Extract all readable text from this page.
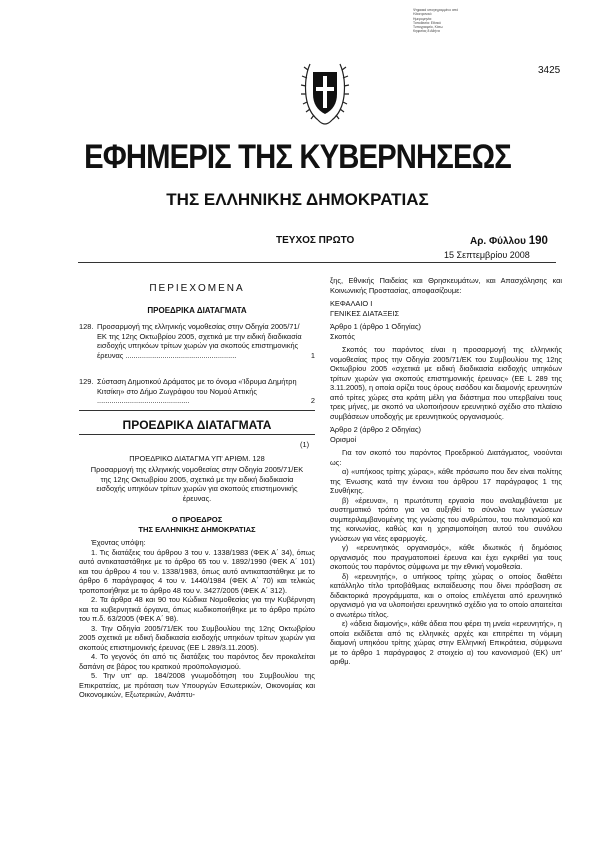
Ψηφιακά υπογεγραμμένο από
Ηλεκτρονικό
Ημερομηνία:
Τοποθεσία: Εθνικό
Τυπογραφείο, Κάτω
Κηφισίας 8 Αθήνα
3425
ΕΦΗΜΕΡΙΣ ΤΗΣ ΚΥΒΕΡΝΗΣΕΩΣ
ΤΗΣ ΕΛΛΗΝΙΚΗΣ ΔΗΜΟΚΡΑΤΙΑΣ
ΤΕΥΧΟΣ ΠΡΩΤΟ	Αρ. Φύλλου 190
15 Σεπτεμβρίου 2008
ΠΕΡΙΕΧΟΜΕΝΑ
ΠΡΟΕΔΡΙΚΑ ΔΙΑΤΑΓΜΑΤΑ
128. Προσαρμογή της ελληνικής νομοθεσίας στην Οδηγία 2005/71/ΕΚ της 12ης Οκτωβρίου 2005, σχετικά με την ειδική διαδικασία εισδοχής υπηκόων τρίτων χωρών για σκοπούς επιστημονικής έρευνας ......................................................	1
129. Σύσταση Δημοτικού Δράματος με το όνομα «Ίδρυμα Δημήτρη Κιτσίκη» στο Δήμο Ζωγράφου του Νομού Αττικής .............................................	2
ΠΡΟΕΔΡΙΚΑ ΔΙΑΤΑΓΜΑΤΑ
(1)
ΠΡΟΕΔΡΙΚΟ ΔΙΑΤΑΓΜΑ ΥΠ' ΑΡΙΘΜ. 128
Προσαρμογή της ελληνικής νομοθεσίας στην Οδηγία 2005/71/ΕΚ της 12ης Οκτωβρίου 2005, σχετικά με την ειδική διαδικασία εισδοχής υπηκόων τρίτων χωρών για σκοπούς επιστημονικής έρευνας.
Ο ΠΡΟΕΔΡΟΣ
ΤΗΣ ΕΛΛΗΝΙΚΗΣ ΔΗΜΟΚΡΑΤΙΑΣ
Έχοντας υπόψη:
1. Τις διατάξεις του άρθρου 3 του ν. 1338/1983 (ΦΕΚ Α΄ 34), όπως αυτό αντικαταστάθηκε με το άρθρο 65 του ν. 1892/1990 (ΦΕΚ Α΄ 101) και του άρθρου 4 του ν. 1338/1983, όπως αυτό αντικαταστάθηκε με το άρθρο 6 παράγραφος 4 του ν. 1440/1984 (ΦΕΚ Α΄ 70) και τελικώς τροποποιήθηκε με το άρθρο 48 του ν. 3427/2005 (ΦΕΚ Α΄ 312).
2. Τα άρθρα 48 και 90 του Κώδικα Νομοθεσίας για την Κυβέρνηση και τα κυβερνητικά όργανα, όπως κωδικοποιήθηκε με το άρθρο πρώτο του π.δ. 63/2005 (ΦΕΚ Α΄ 98).
3. Την Οδηγία 2005/71/ΕΚ του Συμβουλίου της 12ης Οκτωβρίου 2005 σχετικά με ειδική διαδικασία εισδοχής υπηκόων τρίτων χωρών για σκοπούς επιστημονικής έρευνας (ΕΕ L 289/3.11.2005).
4. Το γεγονός ότι από τις διατάξεις του παρόντος δεν προκαλείται δαπάνη σε βάρος του κρατικού προϋπολογισμού.
5. Την υπ' αρ. 184/2008 γνωμοδότηση του Συμβουλίου της Επικρατείας, με πρόταση των Υπουργών Εσωτερικών, Οικονομίας και Οικονομικών, Εξωτερικών, Ανάπτυ-
ξης, Εθνικής Παιδείας και Θρησκευμάτων, και Απασχόλησης και Κοινωνικής Προστασίας, αποφασίζουμε:
ΚΕΦΑΛΑΙΟ Ι
ΓΕΝΙΚΕΣ ΔΙΑΤΑΞΕΙΣ
Άρθρο 1 (άρθρο 1 Οδηγίας)
Σκοπός
Σκοπός του παρόντος είναι η προσαρμογή της ελληνικής νομοθεσίας προς την Οδηγία 2005/71/ΕΚ του Συμβουλίου της 12ης Οκτωβρίου 2005 «σχετικά με ειδική διαδικασία εισδοχής υπηκόων τρίτων χωρών για σκοπούς επιστημονικής έρευνας» (ΕΕ L 289 της 3.11.2005), η οποία ορίζει τους όρους εισόδου και διαμονής ερευνητών από τρίτες χώρες στα κράτη μέλη για διάστημα που υπερβαίνει τους τρεις μήνες, με σκοπό να υλοποιήσουν ερευνητικό σχέδιο στο πλαίσιο συμβάσεων υποδοχής με ερευνητικούς οργανισμούς.
Άρθρο 2 (άρθρο 2 Οδηγίας)
Ορισμοί
Για τον σκοπό του παρόντος Προεδρικού Διατάγματος, νοούνται ως:
α) «υπήκοος τρίτης χώρας», κάθε πρόσωπο που δεν είναι πολίτης της Ένωσης κατά την έννοια του άρθρου 17 παράγραφος 1 της Συνθήκης.
β) «έρευνα», η πρωτότυπη εργασία που αναλαμβάνεται με συστηματικό τρόπο για να αυξηθεί το σύνολο των γνώσεων συμπεριλαμβανομένης της γνώσης του ανθρώπου, του πολιτισμού και της κοινωνίας, καθώς και η χρησιμοποίηση αυτού του συνόλου γνώσεων για νέες εφαρμογές.
γ) «ερευνητικός οργανισμός», κάθε ιδιωτικός ή δημόσιος οργανισμός που πραγματοποιεί έρευνα και έχει εγκριθεί για τους σκοπούς του παρόντος σύμφωνα με την εθνική νομοθεσία.
δ) «ερευνητής», ο υπήκοος τρίτης χώρας ο οποίος διαθέτει κατάλληλο τίτλο τριτοβάθμιας εκπαίδευσης που δίνει πρόσβαση σε διδακτορικά προγράμματα, και ο οποίος επιλέγεται από ερευνητικό οργανισμό για να υλοποιήσει ερευνητικό σχέδιο για το οποίο απαιτείται ο ανωτέρω τίτλος.
ε) «άδεια διαμονής», κάθε άδεια που φέρει τη μνεία «ερευνητής», η οποία εκδίδεται από τις ελληνικές αρχές και επιτρέπει τη νόμιμη διαμονή υπηκόου τρίτης χώρας στην Ελληνική Επικράτεια, σύμφωνα με το άρθρο 1 παράγραφος 2 στοιχείο α) του κανονισμού (ΕΚ) υπ' αριθμ.
